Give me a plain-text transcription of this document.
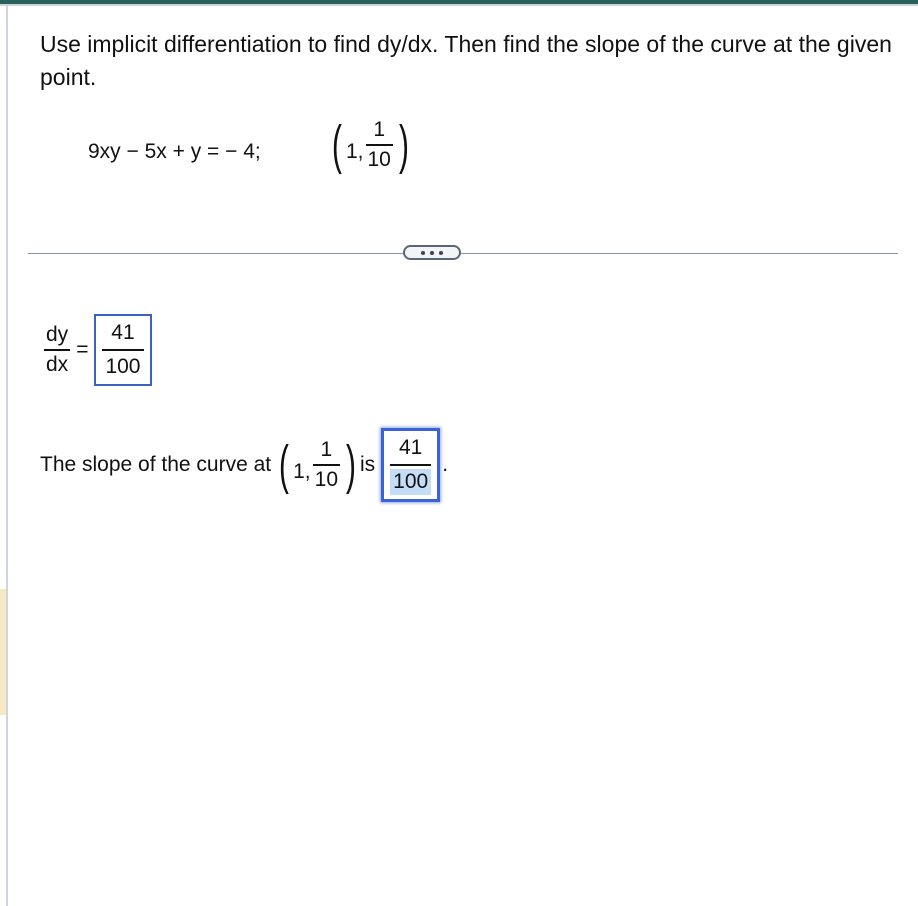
Use implicit differentiation to find dy/dx. Then find the slope of the curve at the given point.
9xy − 5x + y = − 4; ( 1, $\frac{1}{10}$ )
$\frac{dy}{dx} = \frac{41}{100}$
The slope of the curve at ( 1, $\frac{1}{10}$ ) is $\frac{41}{100}$ .
